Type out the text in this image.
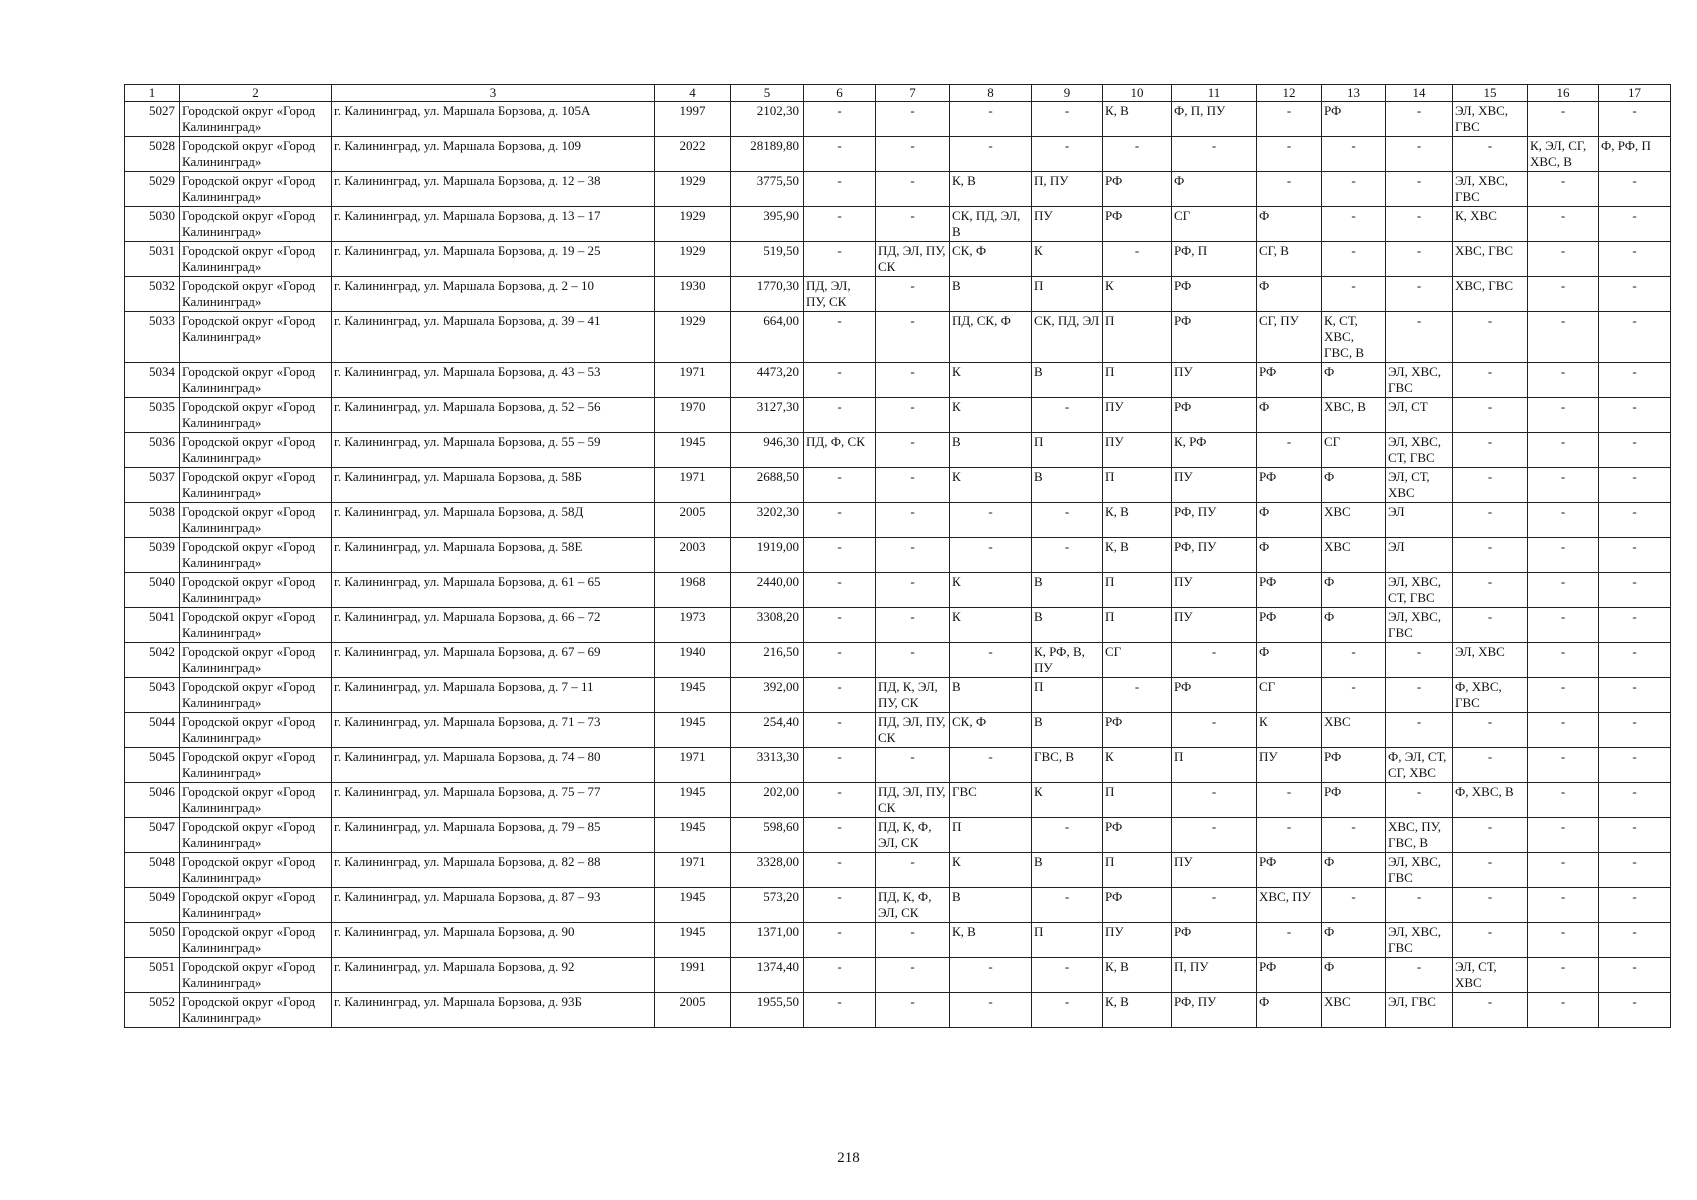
1	2	3	4	5	6	7	8	9	10	11	12	13	14	15	16	17
5027	Городской округ «Город Калининград»	г. Калининград, ул. Маршала Борзова, д. 105А	1997	2102,30	-	-	-	-	К, В	Ф, П, ПУ	-	РФ	-	ЭЛ, ХВС, ГВС	-	-
5028	Городской округ «Город Калининград»	г. Калининград, ул. Маршала Борзова, д. 109	2022	28189,80	-	-	-	-	-	-	-	-	-	-	К, ЭЛ, СГ, ХВС, В	Ф, РФ, П
5029	Городской округ «Город Калининград»	г. Калининград, ул. Маршала Борзова, д. 12 – 38	1929	3775,50	-	-	К, В	П, ПУ	РФ	Ф	-	-	-	ЭЛ, ХВС, ГВС	-	-
5030	Городской округ «Город Калининград»	г. Калининград, ул. Маршала Борзова, д. 13 – 17	1929	395,90	-	-	СК, ПД, ЭЛ, В	ПУ	РФ	СГ	Ф	-	-	К, ХВС	-	-
5031	Городской округ «Город Калининград»	г. Калининград, ул. Маршала Борзова, д. 19 – 25	1929	519,50	-	ПД, ЭЛ, ПУ, СК	СК, Ф	К	-	РФ, П	СГ, В	-	-	ХВС, ГВС	-	-
5032	Городской округ «Город Калининград»	г. Калининград, ул. Маршала Борзова, д. 2 – 10	1930	1770,30	ПД, ЭЛ, ПУ, СК	-	В	П	К	РФ	Ф	-	-	ХВС, ГВС	-	-
5033	Городской округ «Город Калининград»	г. Калининград, ул. Маршала Борзова, д. 39 – 41	1929	664,00	-	-	ПД, СК, Ф	СК, ПД, ЭЛ	П	РФ	СГ, ПУ	К, СТ, ХВС, ГВС, В	-	-	-	-
5034	Городской округ «Город Калининград»	г. Калининград, ул. Маршала Борзова, д. 43 – 53	1971	4473,20	-	-	К	В	П	ПУ	РФ	Ф	ЭЛ, ХВС, ГВС	-	-	-
5035	Городской округ «Город Калининград»	г. Калининград, ул. Маршала Борзова, д. 52 – 56	1970	3127,30	-	-	К	-	ПУ	РФ	Ф	ХВС, В	ЭЛ, СТ	-	-	-
5036	Городской округ «Город Калининград»	г. Калининград, ул. Маршала Борзова, д. 55 – 59	1945	946,30	ПД, Ф, СК	-	В	П	ПУ	К, РФ	-	СГ	ЭЛ, ХВС, СТ, ГВС	-	-	-
5037	Городской округ «Город Калининград»	г. Калининград, ул. Маршала Борзова, д. 58Б	1971	2688,50	-	-	К	В	П	ПУ	РФ	Ф	ЭЛ, СТ, ХВС	-	-	-
5038	Городской округ «Город Калининград»	г. Калининград, ул. Маршала Борзова, д. 58Д	2005	3202,30	-	-	-	-	К, В	РФ, ПУ	Ф	ХВС	ЭЛ	-	-	-
5039	Городской округ «Город Калининград»	г. Калининград, ул. Маршала Борзова, д. 58Е	2003	1919,00	-	-	-	-	К, В	РФ, ПУ	Ф	ХВС	ЭЛ	-	-	-
5040	Городской округ «Город Калининград»	г. Калининград, ул. Маршала Борзова, д. 61 – 65	1968	2440,00	-	-	К	В	П	ПУ	РФ	Ф	ЭЛ, ХВС, СТ, ГВС	-	-	-
5041	Городской округ «Город Калининград»	г. Калининград, ул. Маршала Борзова, д. 66 – 72	1973	3308,20	-	-	К	В	П	ПУ	РФ	Ф	ЭЛ, ХВС, ГВС	-	-	-
5042	Городской округ «Город Калининград»	г. Калининград, ул. Маршала Борзова, д. 67 – 69	1940	216,50	-	-	-	К, РФ, В, ПУ	СГ	-	Ф	-	-	ЭЛ, ХВС	-	-
5043	Городской округ «Город Калининград»	г. Калининград, ул. Маршала Борзова, д. 7 – 11	1945	392,00	-	ПД, К, ЭЛ, ПУ, СК	В	П	-	РФ	СГ	-	-	Ф, ХВС, ГВС	-	-
5044	Городской округ «Город Калининград»	г. Калининград, ул. Маршала Борзова, д. 71 – 73	1945	254,40	-	ПД, ЭЛ, ПУ, СК	СК, Ф	В	РФ	-	К	ХВС	-	-	-	-
5045	Городской округ «Город Калининград»	г. Калининград, ул. Маршала Борзова, д. 74 – 80	1971	3313,30	-	-	-	ГВС, В	К	П	ПУ	РФ	Ф, ЭЛ, СТ, СГ, ХВС	-	-	-
5046	Городской округ «Город Калининград»	г. Калининград, ул. Маршала Борзова, д. 75 – 77	1945	202,00	-	ПД, ЭЛ, ПУ, СК	ГВС	К	П	-	-	РФ	-	Ф, ХВС, В	-	-
5047	Городской округ «Город Калининград»	г. Калининград, ул. Маршала Борзова, д. 79 – 85	1945	598,60	-	ПД, К, Ф, ЭЛ, СК	П	-	РФ	-	-	-	ХВС, ПУ, ГВС, В	-	-	-
5048	Городской округ «Город Калининград»	г. Калининград, ул. Маршала Борзова, д. 82 – 88	1971	3328,00	-	-	К	В	П	ПУ	РФ	Ф	ЭЛ, ХВС, ГВС	-	-	-
5049	Городской округ «Город Калининград»	г. Калининград, ул. Маршала Борзова, д. 87 – 93	1945	573,20	-	ПД, К, Ф, ЭЛ, СК	В	-	РФ	-	ХВС, ПУ	-	-	-	-	-
5050	Городской округ «Город Калининград»	г. Калининград, ул. Маршала Борзова, д. 90	1945	1371,00	-	-	К, В	П	ПУ	РФ	-	Ф	ЭЛ, ХВС, ГВС	-	-	-
5051	Городской округ «Город Калининград»	г. Калининград, ул. Маршала Борзова, д. 92	1991	1374,40	-	-	-	-	К, В	П, ПУ	РФ	Ф	-	ЭЛ, СТ, ХВС	-	-
5052	Городской округ «Город Калининград»	г. Калининград, ул. Маршала Борзова, д. 93Б	2005	1955,50	-	-	-	-	К, В	РФ, ПУ	Ф	ХВС	ЭЛ, ГВС	-	-	-
218
